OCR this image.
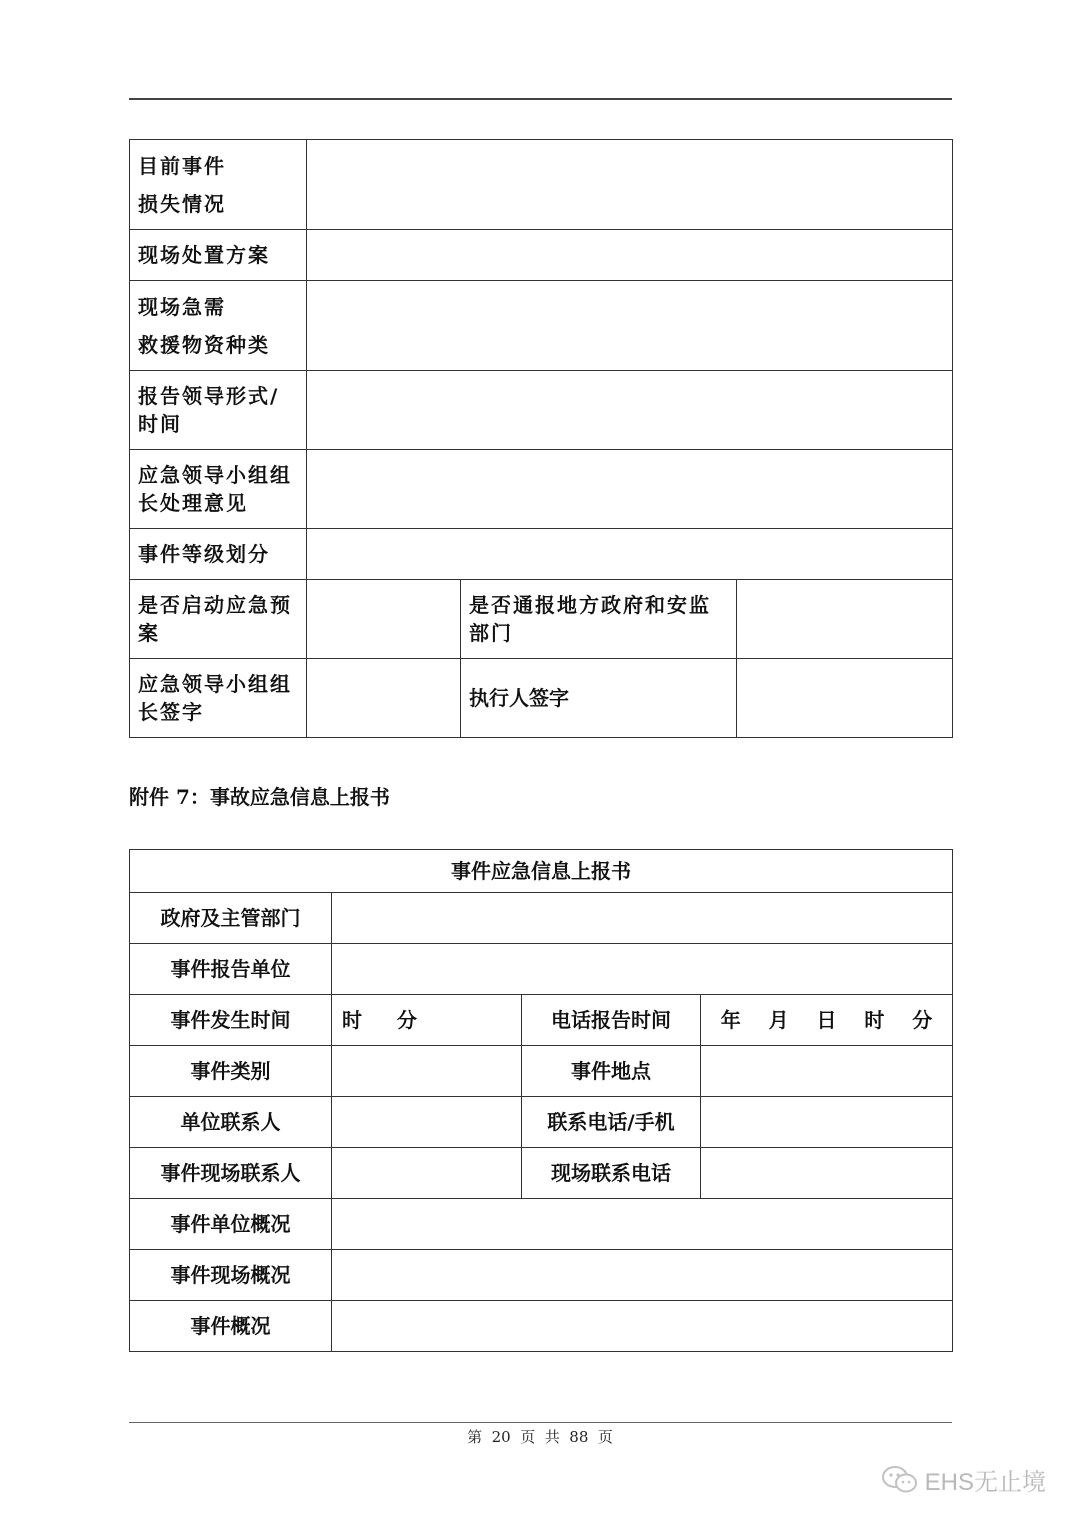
目前事件
损失情况			

现场处置方案			

现场急需
救援物资种类			

报告领导形式/
时间			

应急领导小组组
长处理意见			

事件等级划分			

是否启动应急预
案		是否通报地方政府和安监
部门	

应急领导小组组
长签字		执行人签字	
附件 7：事故应急信息上报书
事件应急信息上报书			
政府及主管部门			
事件报告单位			
事件发生时间	时     分	电话报告时间	年    月    日    时    分
事件类别		事件地点	
单位联系人		联系电话/手机	
事件现场联系人		现场联系电话	
事件单位概况			
事件现场概况			
事件概况			
第  20  页  共  88  页
EHS无止境
